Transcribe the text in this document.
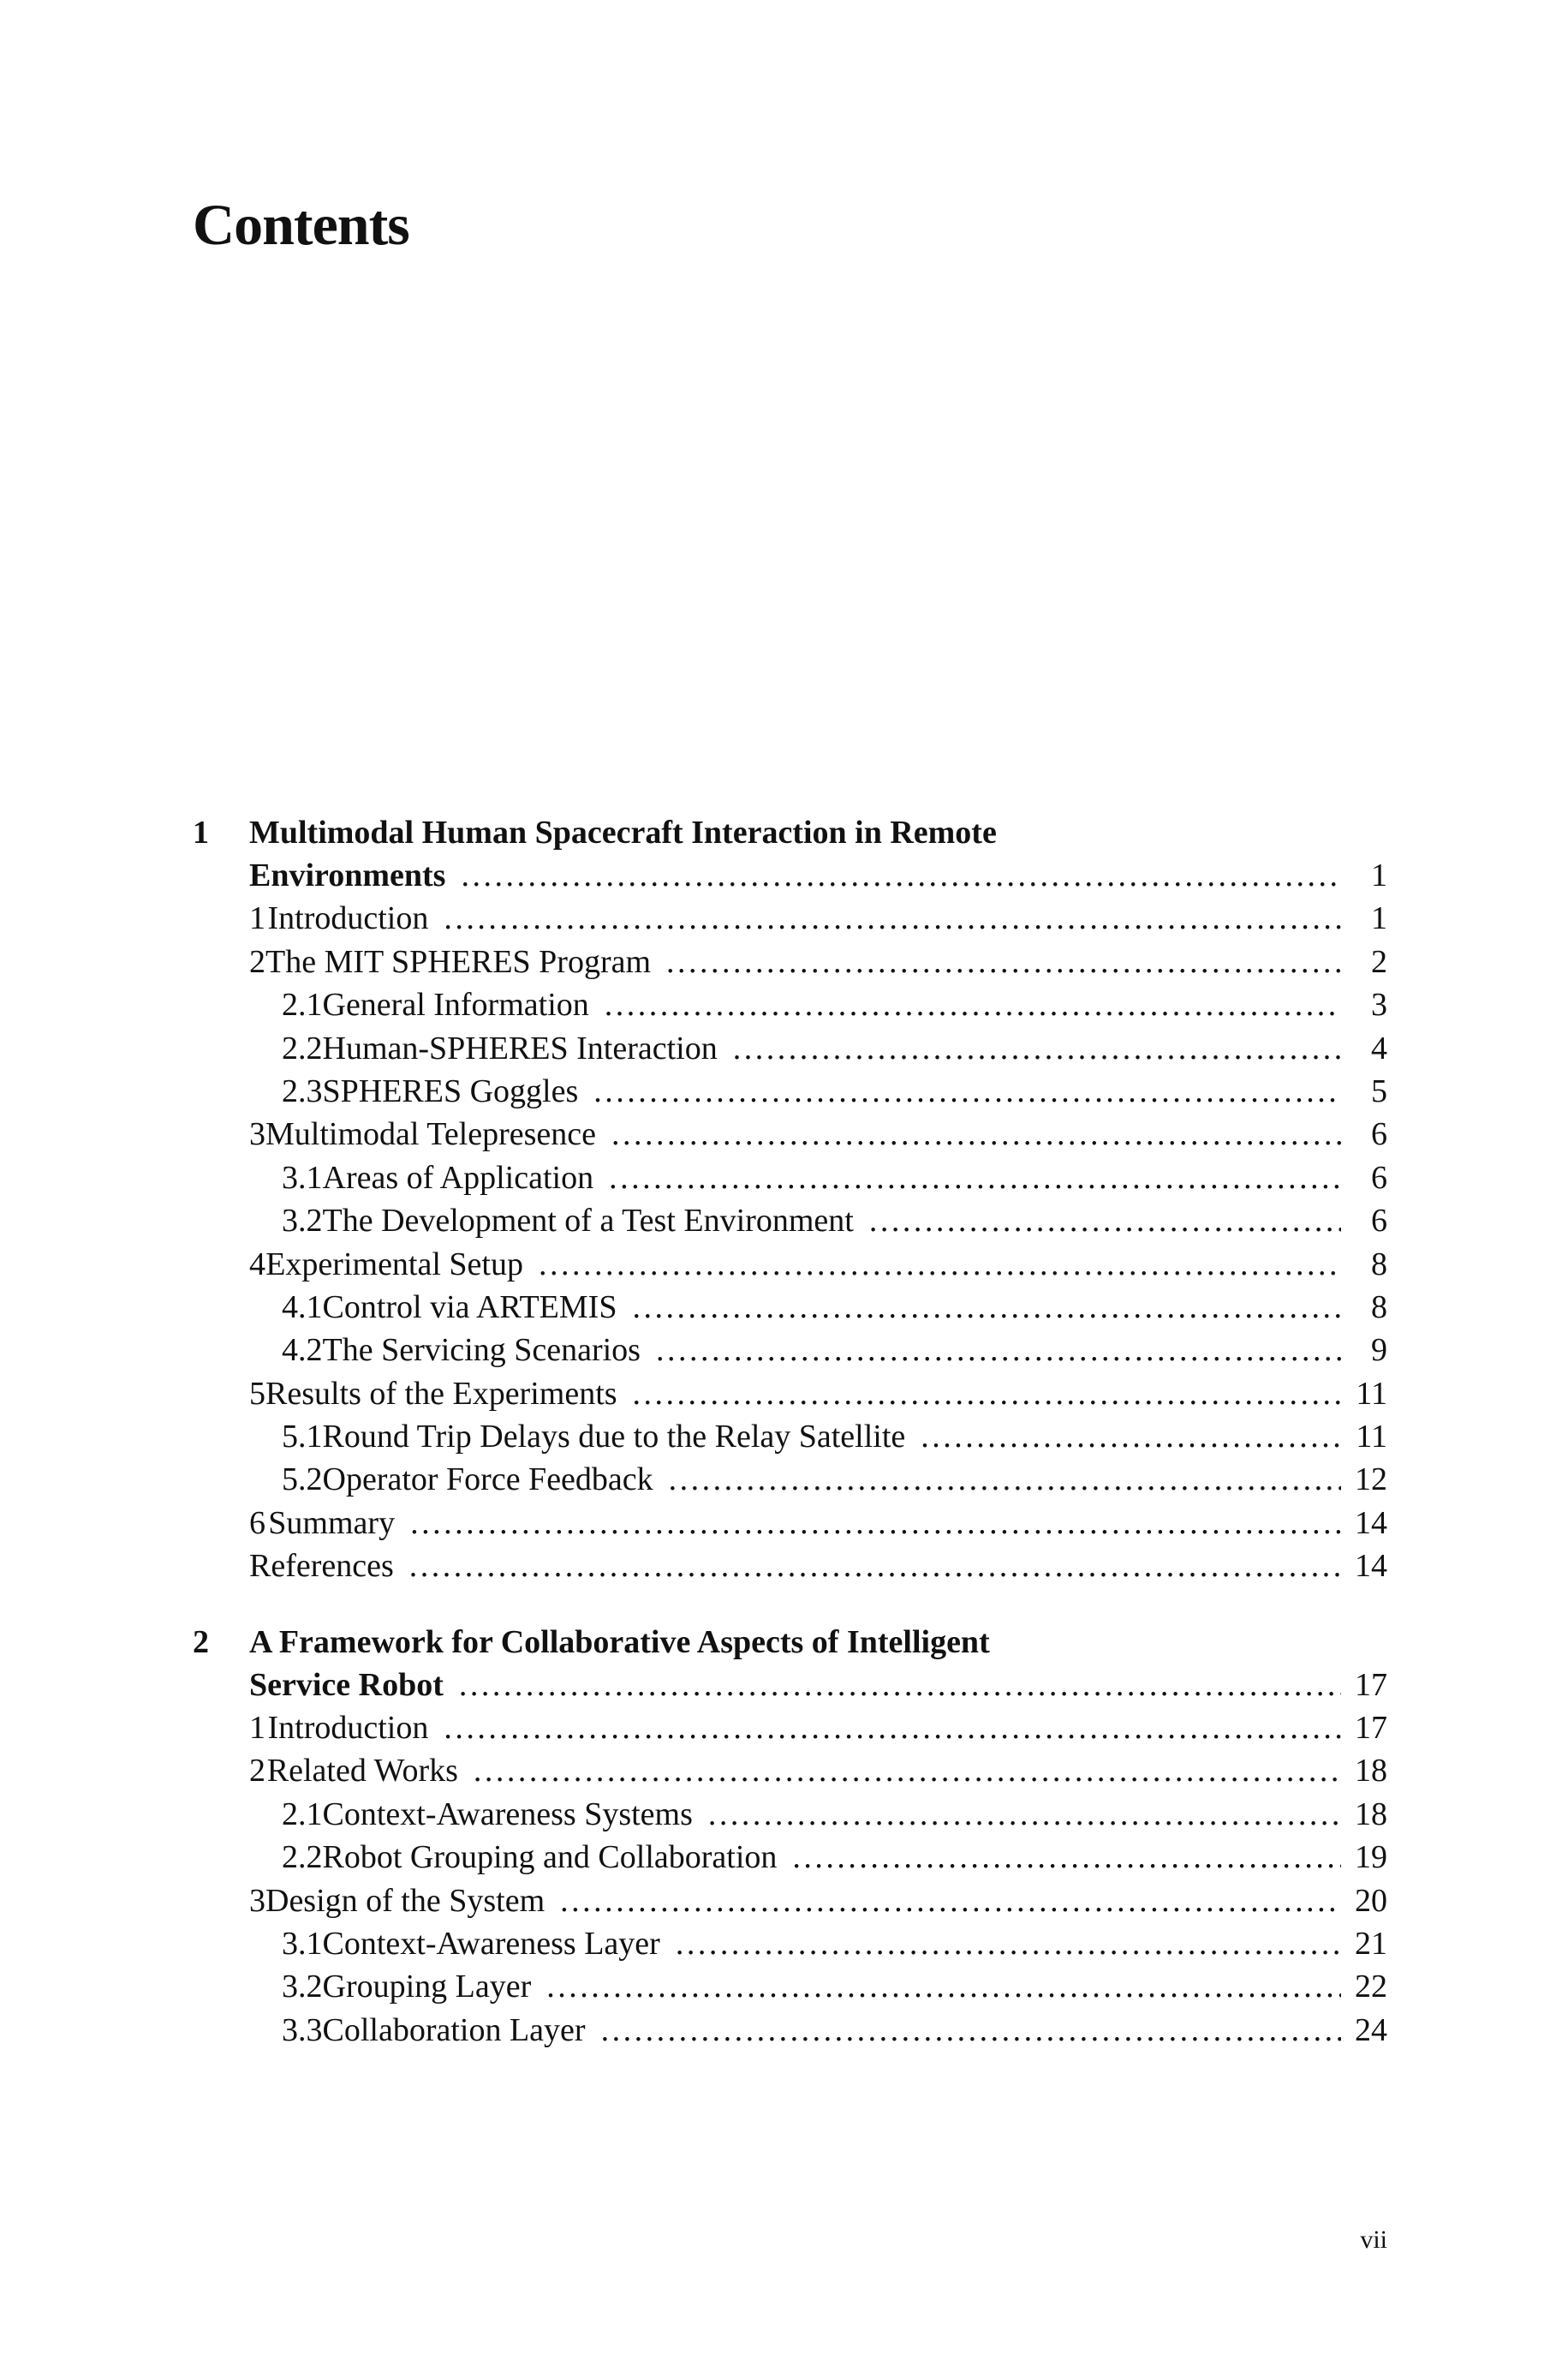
Contents
1 Multimodal Human Spacecraft Interaction in Remote
Environments . . .	1
1 Introduction . . .	1
2 The MIT SPHERES Program . . .	2
2.1 General Information . . .	3
2.2 Human-SPHERES Interaction . . .	4
2.3 SPHERES Goggles . . .	5
3 Multimodal Telepresence . . .	6
3.1 Areas of Application . . .	6
3.2 The Development of a Test Environment . . .	6
4 Experimental Setup . . .	8
4.1 Control via ARTEMIS . . .	8
4.2 The Servicing Scenarios . . .	9
5 Results of the Experiments . . .	11
5.1 Round Trip Delays due to the Relay Satellite . . .	11
5.2 Operator Force Feedback . . .	12
6 Summary . . .	14
References . . .	14
2 A Framework for Collaborative Aspects of Intelligent
Service Robot . . .	17
1 Introduction . . .	17
2 Related Works . . .	18
2.1 Context-Awareness Systems . . .	18
2.2 Robot Grouping and Collaboration . . .	19
3 Design of the System . . .	20
3.1 Context-Awareness Layer . . .	21
3.2 Grouping Layer . . .	22
3.3 Collaboration Layer . . .	24
vii
